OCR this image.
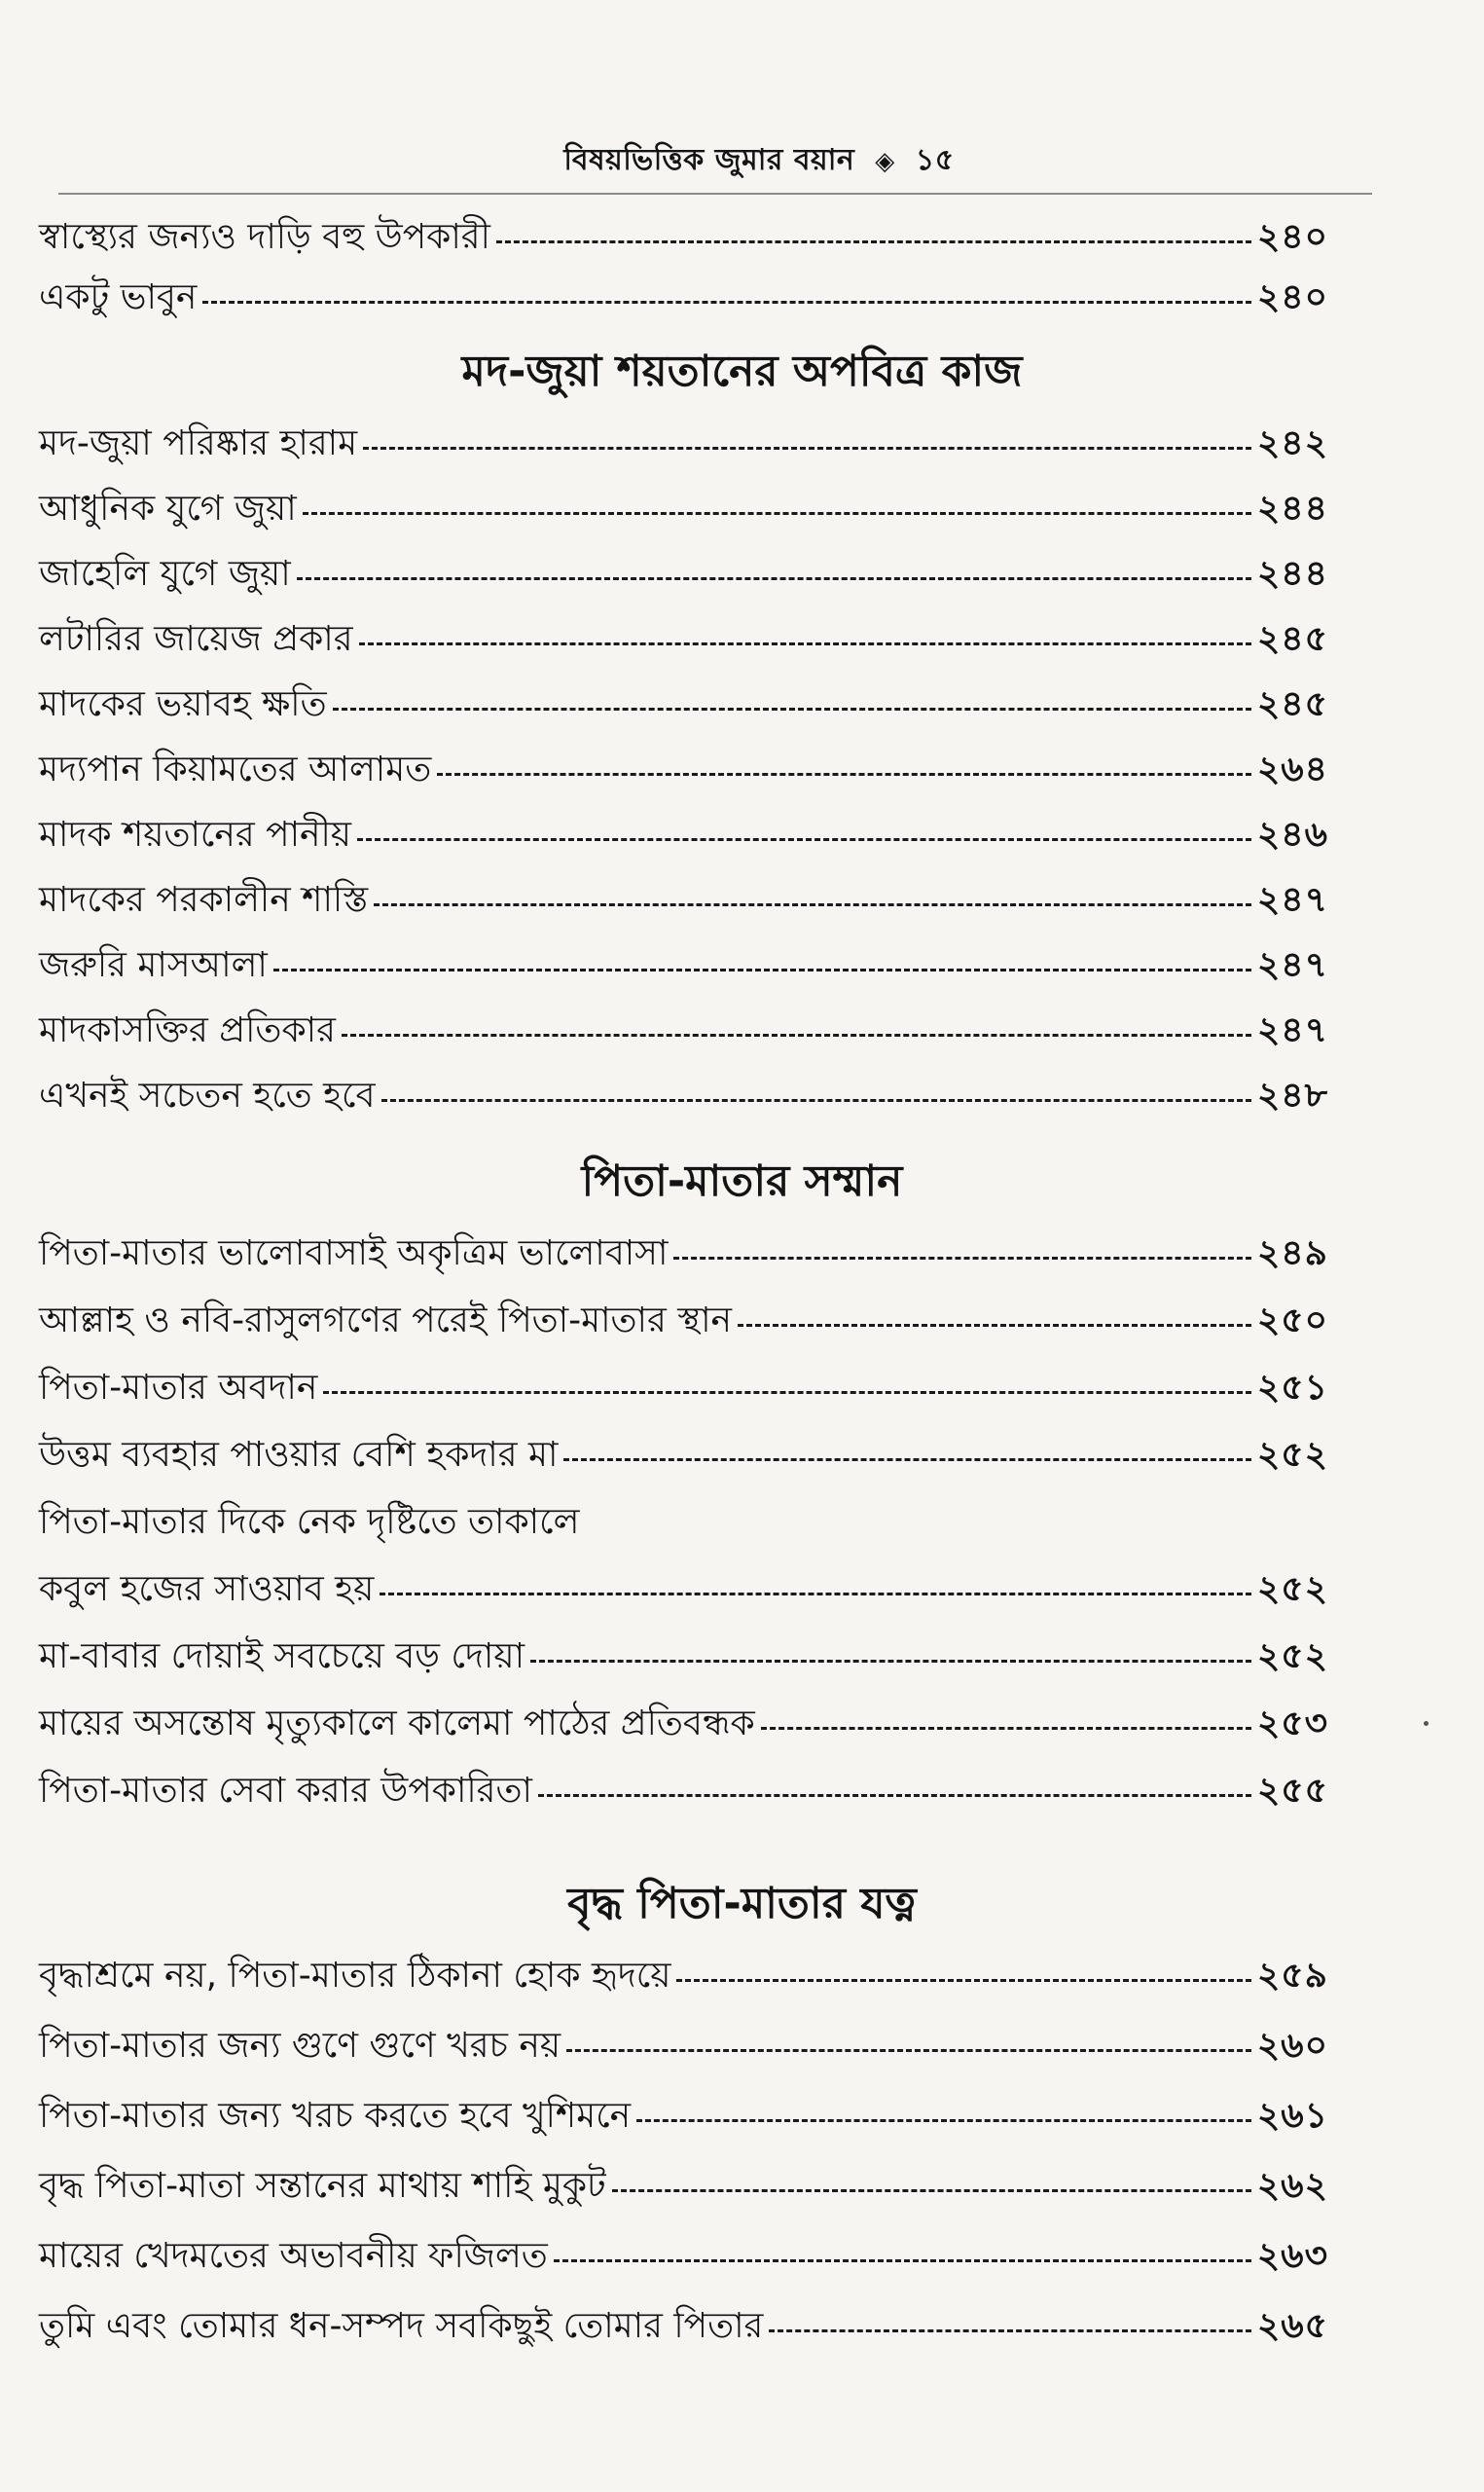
বিষয়ভিত্তিক জুমার বয়ান ◈ ১৫
স্বাস্থ্যের জন্যও দাড়ি বহু উপকারী	২৪০
একটু ভাবুন	২৪০
মদ-জুয়া শয়তানের অপবিত্র কাজ
মদ-জুয়া পরিষ্কার হারাম	২৪২
আধুনিক যুগে জুয়া	২৪৪
জাহেলি যুগে জুয়া	২৪৪
লটারির জায়েজ প্রকার	২৪৫
মাদকের ভয়াবহ ক্ষতি	২৪৫
মদ্যপান কিয়ামতের আলামত	২৬৪
মাদক শয়তানের পানীয়	২৪৬
মাদকের পরকালীন শাস্তি	২৪৭
জরুরি মাসআলা	২৪৭
মাদকাসক্তির প্রতিকার	২৪৭
এখনই সচেতন হতে হবে	২৪৮
পিতা-মাতার সম্মান
পিতা-মাতার ভালোবাসাই অকৃত্রিম ভালোবাসা	২৪৯
আল্লাহ ও নবি-রাসুলগণের পরেই পিতা-মাতার স্থান	২৫০
পিতা-মাতার অবদান	২৫১
উত্তম ব্যবহার পাওয়ার বেশি হকদার মা	২৫২
পিতা-মাতার দিকে নেক দৃষ্টিতে তাকালে
কবুল হজের সাওয়াব হয়	২৫২
মা-বাবার দোয়াই সবচেয়ে বড় দোয়া	২৫২
মায়ের অসন্তোষ মৃত্যুকালে কালেমা পাঠের প্রতিবন্ধক	২৫৩
পিতা-মাতার সেবা করার উপকারিতা	২৫৫
বৃদ্ধ পিতা-মাতার যত্ন
বৃদ্ধাশ্রমে নয়, পিতা-মাতার ঠিকানা হোক হৃদয়ে	২৫৯
পিতা-মাতার জন্য গুণে গুণে খরচ নয়	২৬০
পিতা-মাতার জন্য খরচ করতে হবে খুশিমনে	২৬১
বৃদ্ধ পিতা-মাতা সন্তানের মাথায় শাহি মুকুট	২৬২
মায়ের খেদমতের অভাবনীয় ফজিলত	২৬৩
তুমি এবং তোমার ধন-সম্পদ সবকিছুই তোমার পিতার	২৬৫
